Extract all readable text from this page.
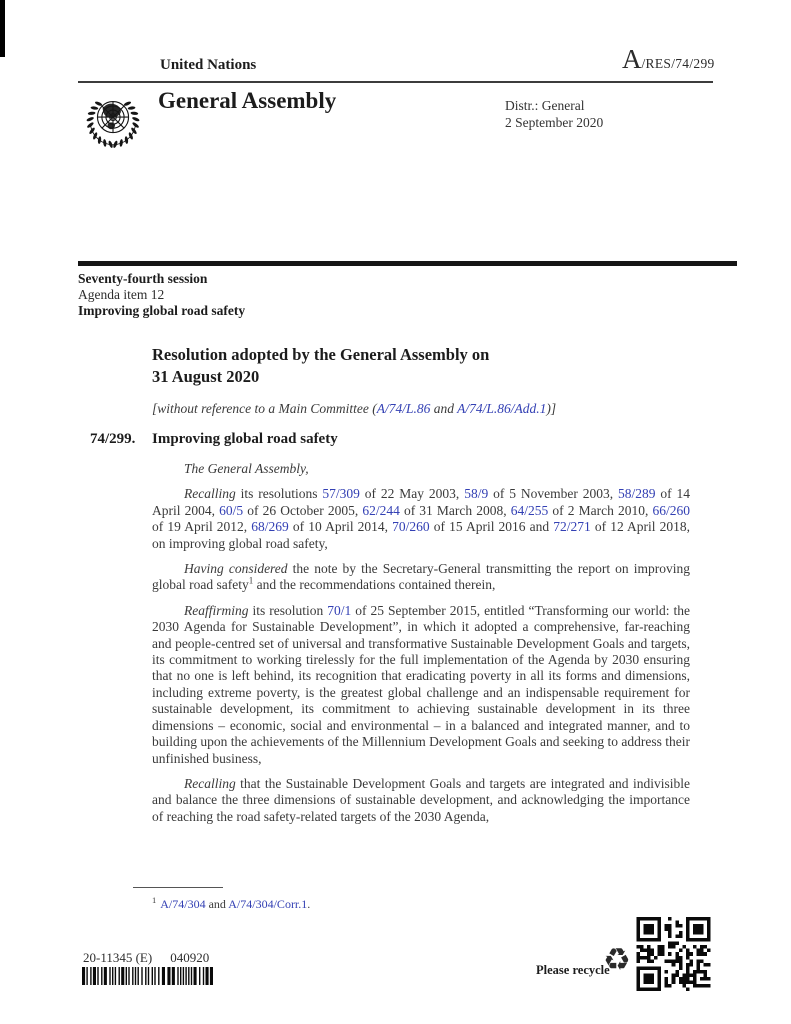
United Nations	A/RES/74/299
General Assembly	Distr.: General
2 September 2020
Seventy-fourth session
Agenda item 12
Improving global road safety
Resolution adopted by the General Assembly on
31 August 2020

[without reference to a Main Committee (A/74/L.86 and A/74/L.86/Add.1)]

74/299. Improving global road safety

The General Assembly,

Recalling its resolutions 57/309 of 22 May 2003, 58/9 of 5 November 2003, 58/289 of 14 April 2004, 60/5 of 26 October 2005, 62/244 of 31 March 2008, 64/255 of 2 March 2010, 66/260 of 19 April 2012, 68/269 of 10 April 2014, 70/260 of 15 April 2016 and 72/271 of 12 April 2018, on improving global road safety,

Having considered the note by the Secretary-General transmitting the report on improving global road safety$^1$ and the recommendations contained therein,

Reaffirming its resolution 70/1 of 25 September 2015, entitled “Transforming our world: the 2030 Agenda for Sustainable Development”, in which it adopted a comprehensive, far-reaching and people-centred set of universal and transformative Sustainable Development Goals and targets, its commitment to working tirelessly for the full implementation of the Agenda by 2030 ensuring that no one is left behind, its recognition that eradicating poverty in all its forms and dimensions, including extreme poverty, is the greatest global challenge and an indispensable requirement for sustainable development, its commitment to achieving sustainable development in its three dimensions – economic, social and environmental – in a balanced and integrated manner, and to building upon the achievements of the Millennium Development Goals and seeking to address their unfinished business,

Recalling that the Sustainable Development Goals and targets are integrated and indivisible and balance the three dimensions of sustainable development, and acknowledging the importance of reaching the road safety-related targets of the 2030 Agenda,

$^1$ A/74/304 and A/74/304/Corr.1.
20-11345 (E) 040920
Please recycle
♻
